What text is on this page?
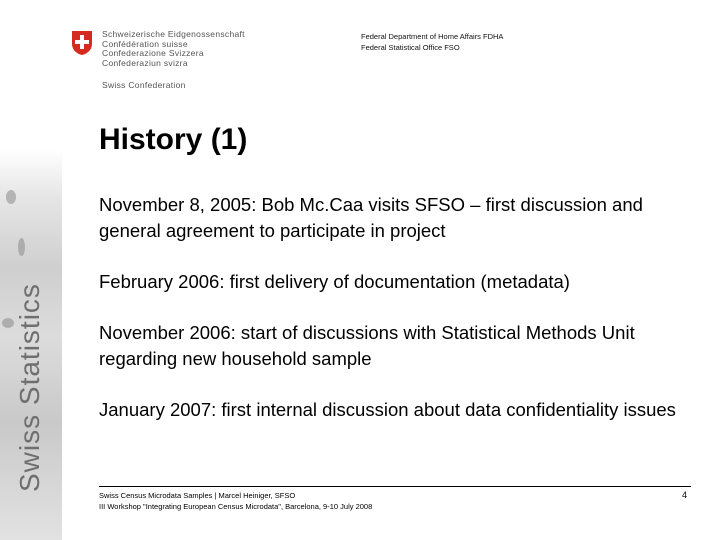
Swiss Statistics
Schweizerische Eidgenossenschaft
Confédération suisse
Confederazione Svizzera
Confederaziun svizra
Swiss Confederation
Federal Department of Home Affairs FDHA
Federal Statistical Office FSO
History (1)

November 8, 2005: Bob Mc.Caa visits SFSO – first discussion and general agreement to participate in project

February 2006: first delivery of documentation (metadata)

November 2006: start of discussions with Statistical Methods Unit regarding new household sample

January 2007: first internal discussion about data confidentiality issues

Swiss Census Microdata Samples | Marcel Heiniger, SFSO
III Workshop "Integrating European Census Microdata", Barcelona, 9-10 July 2008
4
